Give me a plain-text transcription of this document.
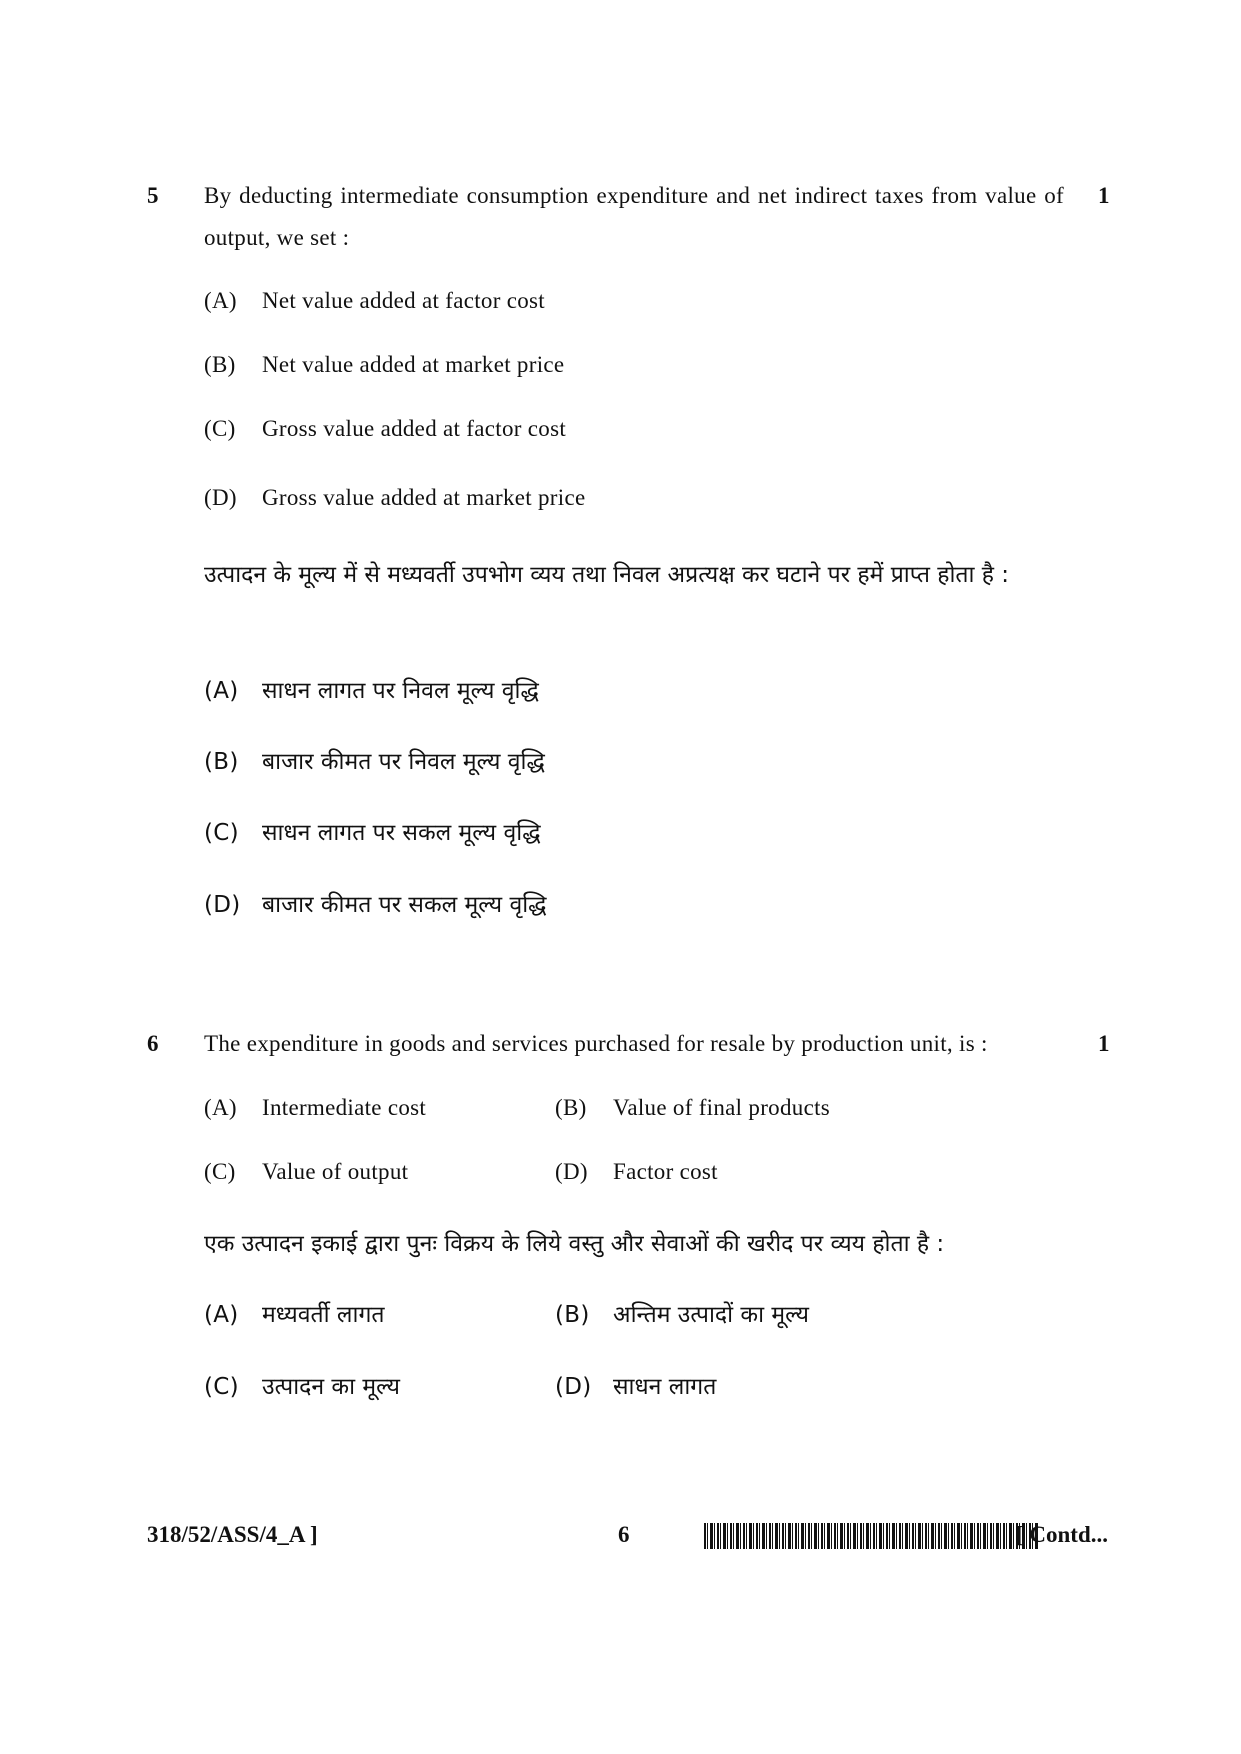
5	1
By deducting intermediate consumption expenditure and net indirect taxes from value of output, we set :
(A) Net value added at factor cost
(B) Net value added at market price
(C) Gross value added at factor cost
(D) Gross value added at market price
उत्पादन के मूल्य में से मध्यवर्ती उपभोग व्यय तथा निवल अप्रत्यक्ष कर घटाने पर हमें प्राप्त होता है :
(A) साधन लागत पर निवल मूल्य वृद्धि
(B) बाजार कीमत पर निवल मूल्य वृद्धि
(C) साधन लागत पर सकल मूल्य वृद्धि
(D) बाजार कीमत पर सकल मूल्य वृद्धि
6	1
The expenditure in goods and services purchased for resale by production unit, is :
(A) Intermediate cost	(B) Value of final products
(C) Value of output	(D) Factor cost
एक उत्पादन इकाई द्वारा पुनः विक्रय के लिये वस्तु और सेवाओं की खरीद पर व्यय होता है :
(A) मध्यवर्ती लागत	(B) अन्तिम उत्पादों का मूल्य
(C) उत्पादन का मूल्य	(D) साधन लागत
318/52/ASS/4_A ]	6	[ Contd...
